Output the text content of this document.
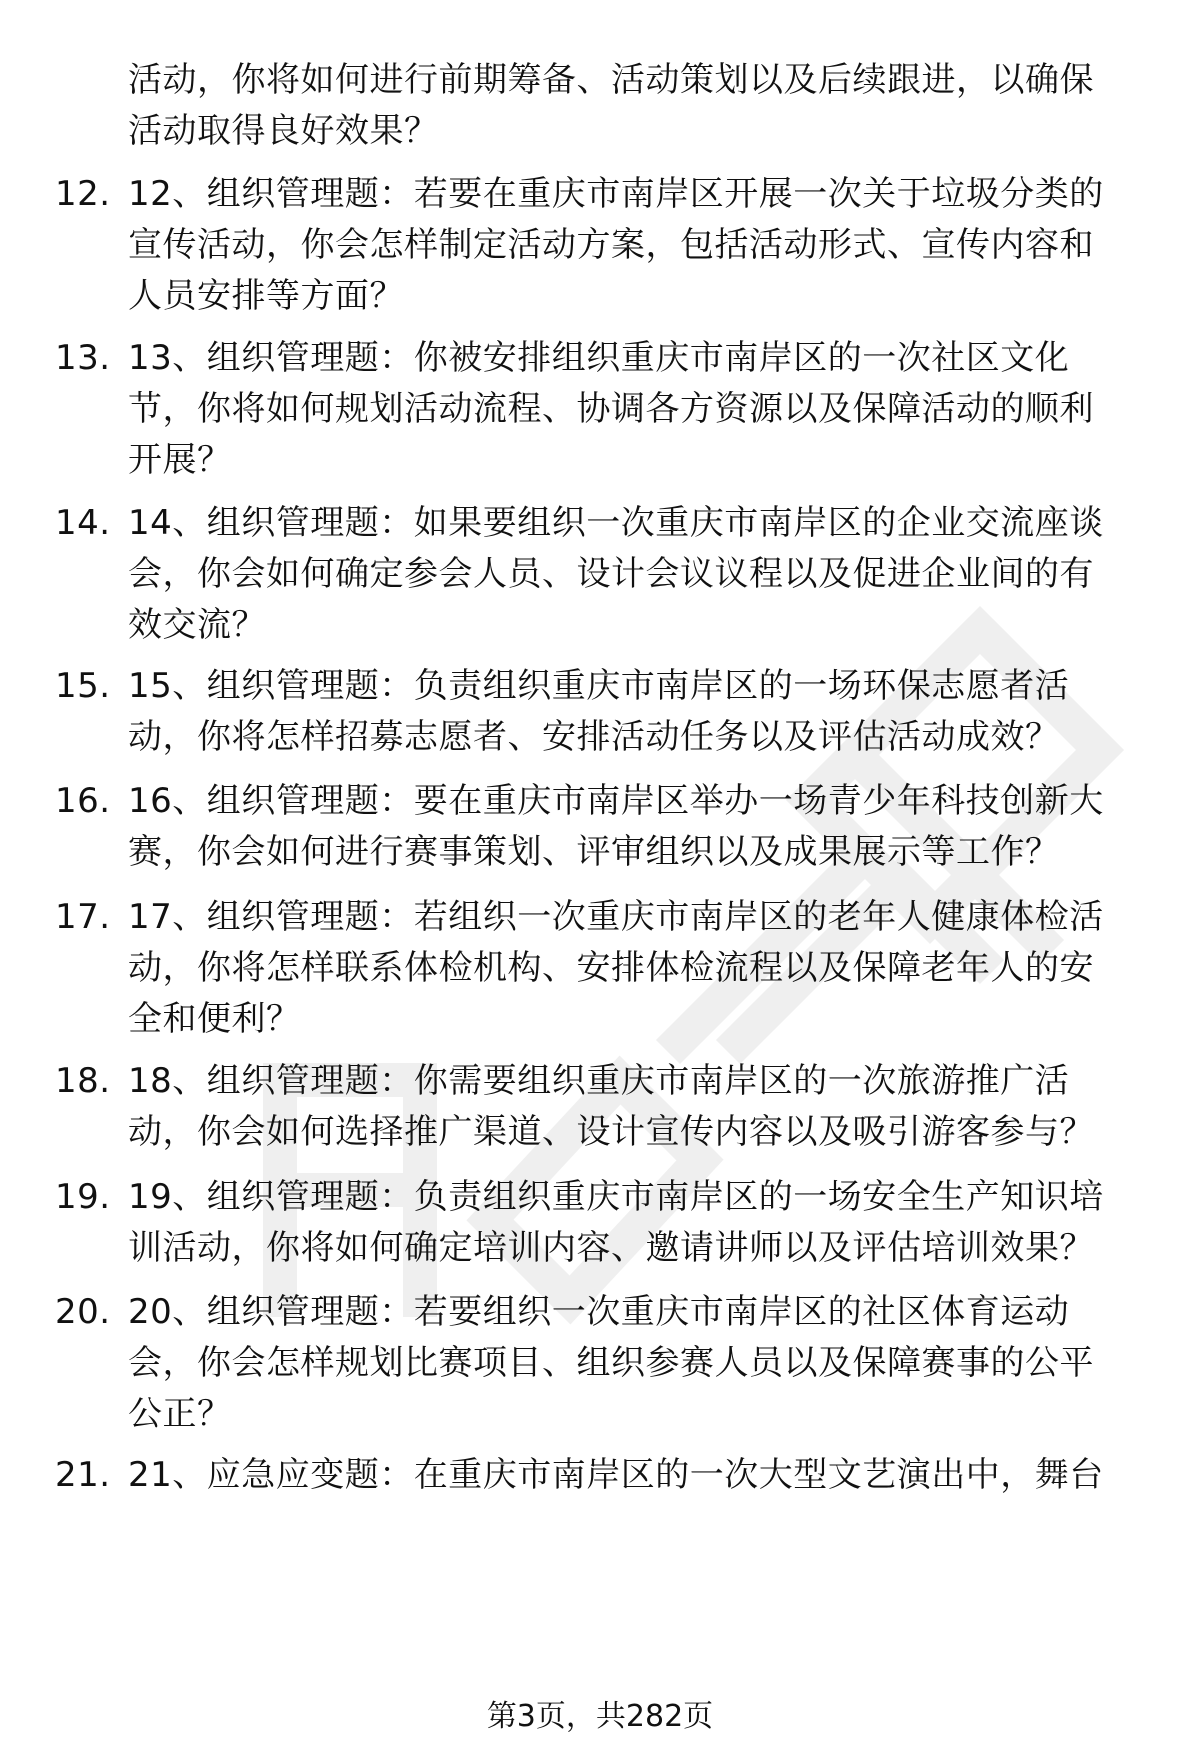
活动，你将如何进行前期筹备、活动策划以及后续跟进，以确保
活动取得良好效果？
12. 12、组织管理题：若要在重庆市南岸区开展一次关于垃圾分类的
宣传活动，你会怎样制定活动方案，包括活动形式、宣传内容和
人员安排等方面？
13. 13、组织管理题：你被安排组织重庆市南岸区的一次社区文化
节，你将如何规划活动流程、协调各方资源以及保障活动的顺利
开展？
14. 14、组织管理题：如果要组织一次重庆市南岸区的企业交流座谈
会，你会如何确定参会人员、设计会议议程以及促进企业间的有
效交流？
15. 15、组织管理题：负责组织重庆市南岸区的一场环保志愿者活
动，你将怎样招募志愿者、安排活动任务以及评估活动成效？
16. 16、组织管理题：要在重庆市南岸区举办一场青少年科技创新大
赛，你会如何进行赛事策划、评审组织以及成果展示等工作？
17. 17、组织管理题：若组织一次重庆市南岸区的老年人健康体检活
动，你将怎样联系体检机构、安排体检流程以及保障老年人的安
全和便利？
18. 18、组织管理题：你需要组织重庆市南岸区的一次旅游推广活
动，你会如何选择推广渠道、设计宣传内容以及吸引游客参与？
19. 19、组织管理题：负责组织重庆市南岸区的一场安全生产知识培
训活动，你将如何确定培训内容、邀请讲师以及评估培训效果？
20. 20、组织管理题：若要组织一次重庆市南岸区的社区体育运动
会，你会怎样规划比赛项目、组织参赛人员以及保障赛事的公平
公正？
21. 21、应急应变题：在重庆市南岸区的一次大型文艺演出中，舞台
第3页，共282页
